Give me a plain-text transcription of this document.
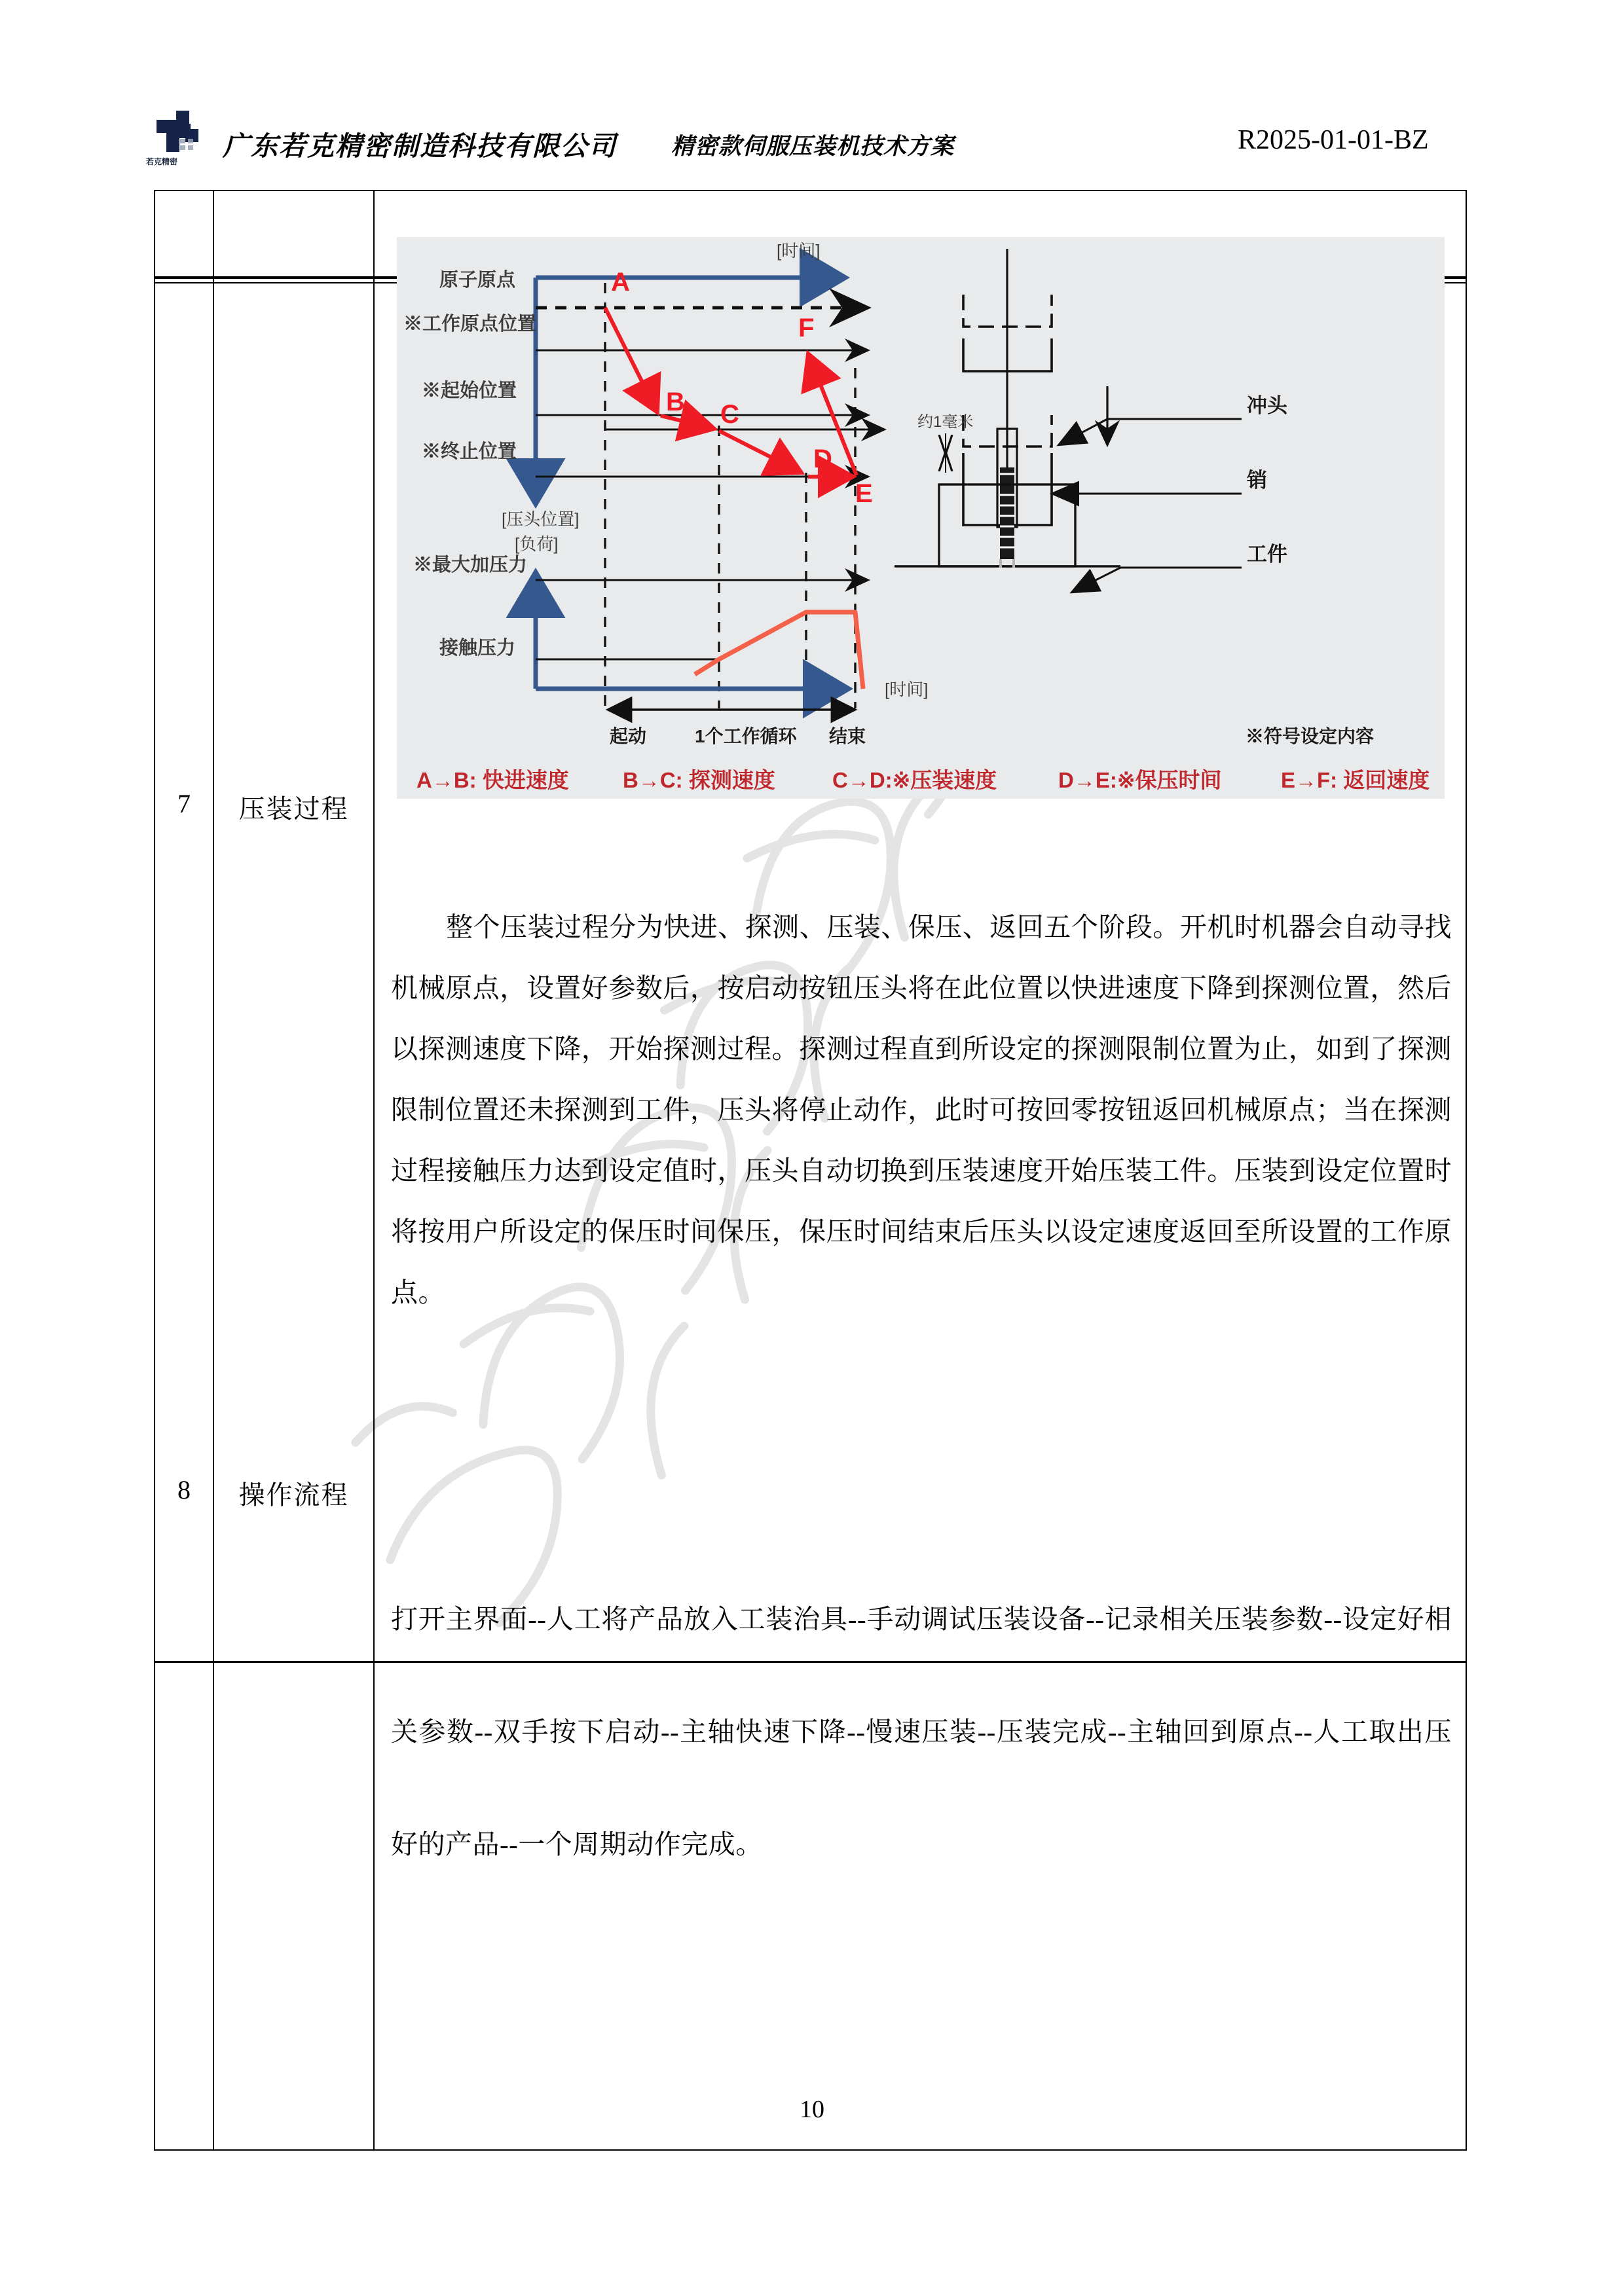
若克精密
广东若克精密制造科技有限公司 精密款伺服压装机技术方案	R2025-01-01-BZ
7	压装过程
A
B C
D
E
F
原子原点
※工作原点位置
※起始位置
※终止位置
[时间]
[压头位置]
约1毫米
冲头
销
工件
※最大加压力
接触压力
[负荷]
[时间]
起动	1个工作循环 结束	※符号设定内容
A→B: 快进速度 B→C: 探测速度	C→D:※压装速度	D→E:※保压时间	E→F: 返回速度
整个压装过程分为快进、探测、压装、保压、返回五个阶段。开机时机器会自动寻找机械原点，设置好参数后，按启动按钮压头将在此位置以快进速度下降到探测位置，然后以探测速度下降，开始探测过程。探测过程直到所设定的探测限制位置为止，如到了探测限制位置还未探测到工件，压头将停止动作，此时可按回零按钮返回机械原点；当在探测过程接触压力达到设定值时，压头自动切换到压装速度开始压装工件。压装到设定位置时将按用户所设定的保压时间保压，保压时间结束后压头以设定速度返回至所设置的工作原点。
8	操作流程
打开主界面--人工将产品放入工装治具--手动调试压装设备--记录相关压装参数--设定好相关参数--双手按下启动--主轴快速下降--慢速压装--压装完成--主轴回到原点--人工取出压好的产品--一个周期动作完成。
10
